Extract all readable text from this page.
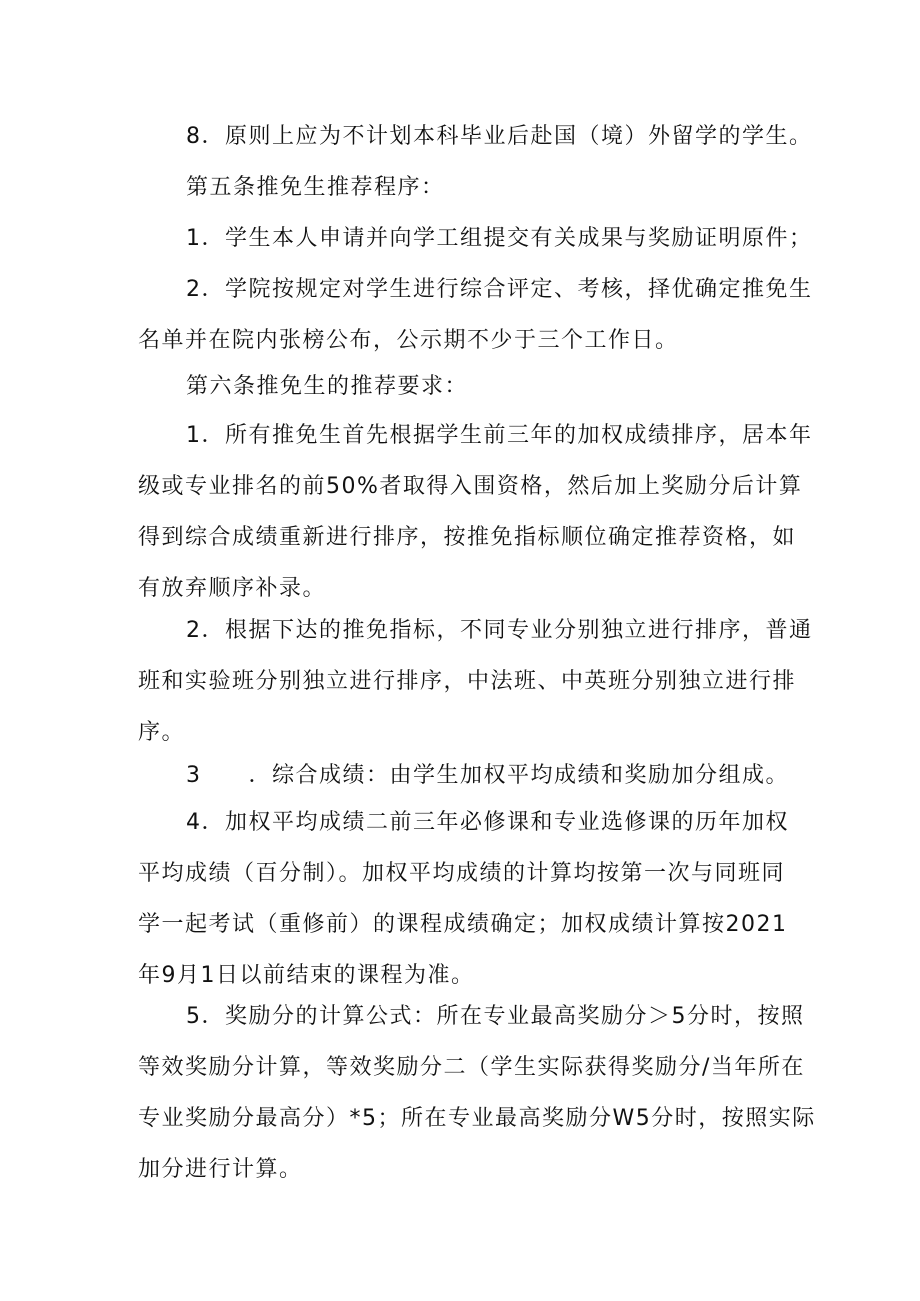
8．原则上应为不计划本科毕业后赴国（境）外留学的学生。
第五条推免生推荐程序：
1．学生本人申请并向学工组提交有关成果与奖励证明原件；
2．学院按规定对学生进行综合评定、考核，择优确定推免生
名单并在院内张榜公布，公示期不少于三个工作日。
第六条推免生的推荐要求：
1．所有推免生首先根据学生前三年的加权成绩排序，居本年
级或专业排名的前50%者取得入围资格，然后加上奖励分后计算
得到综合成绩重新进行排序，按推免指标顺位确定推荐资格，如
有放弃顺序补录。
2．根据下达的推免指标，不同专业分别独立进行排序，普通
班和实验班分别独立进行排序，中法班、中英班分别独立进行排
序。
3　　．综合成绩：由学生加权平均成绩和奖励加分组成。
4．加权平均成绩二前三年必修课和专业选修课的历年加权
平均成绩（百分制）。加权平均成绩的计算均按第一次与同班同
学一起考试（重修前）的课程成绩确定；加权成绩计算按2021
年9月1日以前结束的课程为准。
5．奖励分的计算公式：所在专业最高奖励分＞5分时，按照
等效奖励分计算，等效奖励分二（学生实际获得奖励分/当年所在
专业奖励分最高分）*5；所在专业最高奖励分W5分时，按照实际
加分进行计算。
